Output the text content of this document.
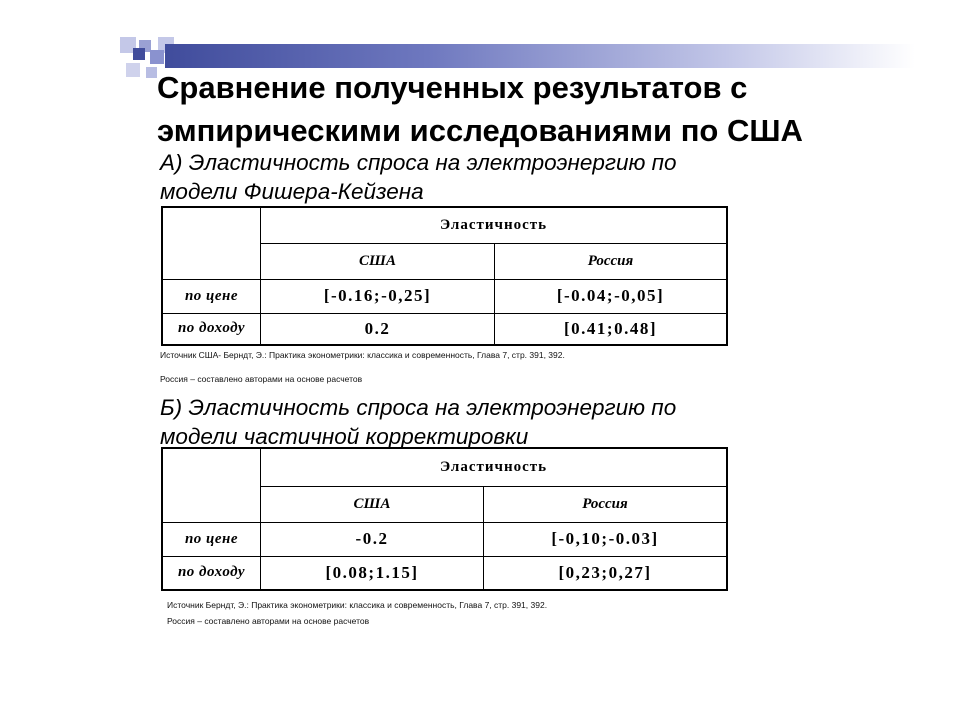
Сравнение полученных результатов с
эмпирическими исследованиями по США
А) Эластичность спроса на электроэнергию по
модели Фишера-Кейзена
	Эластичность	
	США	Россия
по цене	[-0.16;-0,25]	[-0.04;-0,05]
по доходу	0.2	[0.41;0.48]
Источник США- Берндт, Э.: Практика эконометрики: классика и современность, Глава 7, стр. 391, 392.
Россия – составлено авторами на основе расчетов
Б) Эластичность спроса на электроэнергию по
модели частичной корректировки
	Эластичность	
	США	Россия
по цене	-0.2	[-0,10;-0.03]
по доходу	[0.08;1.15]	[0,23;0,27]
Источник Берндт, Э.: Практика эконометрики: классика и современность, Глава 7, стр. 391, 392.
Россия – составлено авторами на основе расчетов
